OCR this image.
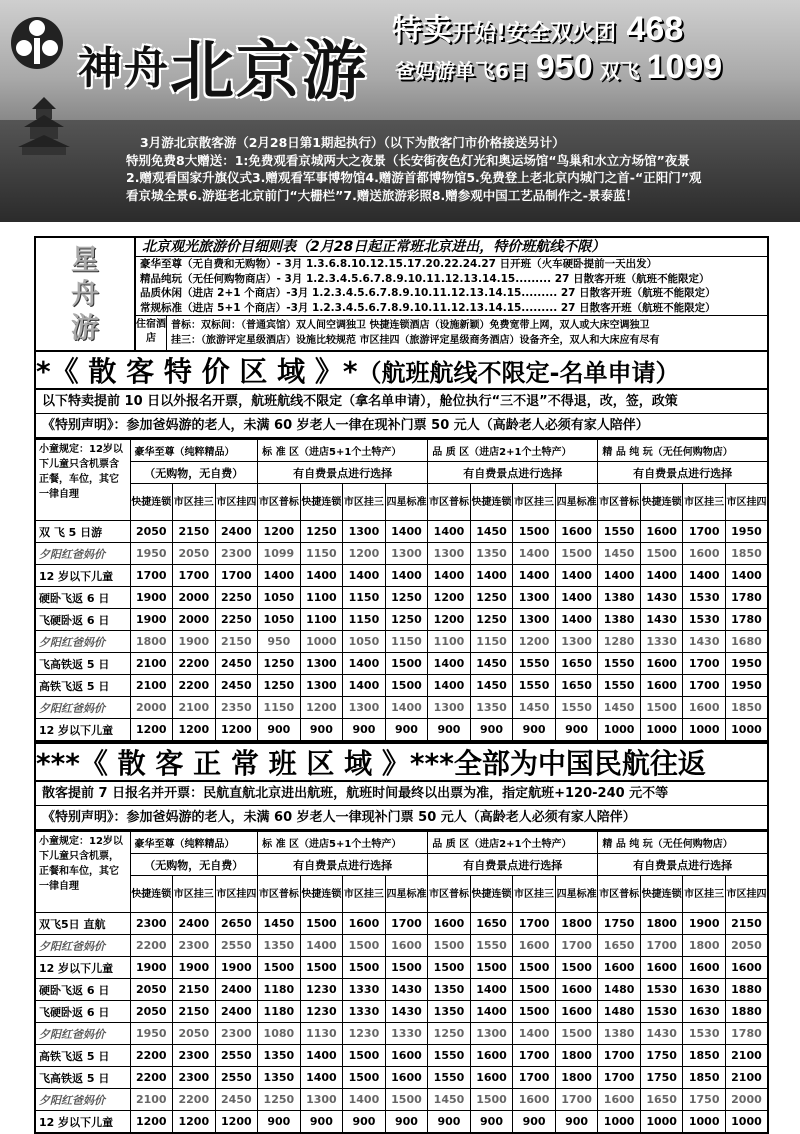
神舟北京游
特卖开始!安全双火团 468
爸妈游单飞6日 950 双飞 1099
3月游北京散客游（2月28日第1期起执行）（以下为散客门市价格接送另计）
特别免费8大赠送：1:免费观看京城两大之夜景（长安街夜色灯光和奥运场馆“鸟巢和水立方场馆”夜景
2.赠观看国家升旗仪式3.赠观看军事博物馆4.赠游首都博物馆5.免费登上老北京内城门之首-“正阳门”观
看京城全景6.游逛老北京前门“大栅栏”7.赠送旅游彩照8.赠参观中国工艺品制作之-景泰蓝！
星
舟
游
北京观光旅游价目细则表（2月28日起正常班北京进出，特价班航线不限）
豪华至尊（无自费和无购物）- 3月 1.3.6.8.10.12.15.17.20.22.24.27 日开班（火车硬卧提前一天出发）
精品纯玩（无任何购物商店）- 3月 1.2.3.4.5.6.7.8.9.10.11.12.13.14.15......... 27 日散客开班（航班不能限定）
品质休闲（进店 2+1 个商店）-3月 1.2.3.4.5.6.7.8.9.10.11.12.13.14.15......... 27 日散客开班（航班不能限定）
常规标准（进店 5+1 个商店）-3月 1.2.3.4.5.6.7.8.9.10.11.12.13.14.15......... 27 日散客开班（航班不能限定）
住宿酒店
普标：双标间：（普通宾馆）双人间空调独卫 快捷连锁酒店（设施新颖）免费宽带上网，双人或大床空调独卫
挂三：（旅游评定星级酒店）设施比较规范 市区挂四（旅游评定星级商务酒店）设备齐全，双人和大床应有尽有
*《 散 客 特 价 区 域 》* （航班航线不限定-名单申请）
以下特卖提前 10 日以外报名开票，航班航线不限定（拿名单申请），舱位执行“三不退”不得退，改，签，政策
《特别声明》：参加爸妈游的老人，未满 60 岁老人一律在现补门票 50 元人（高龄老人必须有家人陪伴）
小童规定：12岁以下儿童只含机票含正餐，车位，其它一律自理	豪华至尊（纯粹精品）			标 准 区（进店5+1个土特产）				品 质 区（进店2+1个土特产）				精 品 纯 玩（无任何购物店）			
	（无购物，无自费）			有自费景点进行选择				有自费景点进行选择				有自费景点进行选择			
	快捷连锁	市区挂三	市区挂四	市区普标	快捷连锁	市区挂三	四星标准	市区普标	快捷连锁	市区挂三	四星标准	市区普标	快捷连锁	市区挂三	市区挂四
双 飞 5 日游	2050	2150	2400	1200	1250	1300	1400	1400	1450	1500	1600	1550	1600	1700	1950
夕阳红爸妈价	1950	2050	2300	1099	1150	1200	1300	1300	1350	1400	1500	1450	1500	1600	1850
12 岁以下儿童	1700	1700	1700	1400	1400	1400	1400	1400	1400	1400	1400	1400	1400	1400	1400
硬卧飞返 6 日	1900	2000	2250	1050	1100	1150	1250	1200	1250	1300	1400	1380	1430	1530	1780
飞硬卧返 6 日	1900	2000	2250	1050	1100	1150	1250	1200	1250	1300	1400	1380	1430	1530	1780
夕阳红爸妈价	1800	1900	2150	950	1000	1050	1150	1100	1150	1200	1300	1280	1330	1430	1680
飞高铁返 5 日	2100	2200	2450	1250	1300	1400	1500	1400	1450	1550	1650	1550	1600	1700	1950
高铁飞返 5 日	2100	2200	2450	1250	1300	1400	1500	1400	1450	1550	1650	1550	1600	1700	1950
夕阳红爸妈价	2000	2100	2350	1150	1200	1300	1400	1300	1350	1450	1550	1450	1500	1600	1850
12 岁以下儿童	1200	1200	1200	900	900	900	900	900	900	900	900	1000	1000	1000	1000
***《 散 客 正 常 班 区 域 》*** 全部为中国民航往返
散客提前 7 日报名并开票：民航直航北京进出航班，航班时间最终以出票为准，指定航班+120-240 元不等
《特别声明》：参加爸妈游的老人，未满 60 岁老人一律现补门票 50 元人（高龄老人必须有家人陪伴）
小童规定：12岁以下儿童只含机票，正餐和车位，其它一律自理	豪华至尊（纯粹精品）			标 准 区（进店5+1个土特产）				品 质 区（进店2+1个土特产）				精 品 纯 玩（无任何购物店）			
	（无购物，无自费）			有自费景点进行选择				有自费景点进行选择				有自费景点进行选择			
	快捷连锁	市区挂三	市区挂四	市区普标	快捷连锁	市区挂三	四星标准	市区普标	快捷连锁	市区挂三	四星标准	市区普标	快捷连锁	市区挂三	市区挂四
双飞5日 直航	2300	2400	2650	1450	1500	1600	1700	1600	1650	1700	1800	1750	1800	1900	2150
夕阳红爸妈价	2200	2300	2550	1350	1400	1500	1600	1500	1550	1600	1700	1650	1700	1800	2050
12 岁以下儿童	1900	1900	1900	1500	1500	1500	1500	1500	1500	1500	1500	1600	1600	1600	1600
硬卧飞返 6 日	2050	2150	2400	1180	1230	1330	1430	1350	1400	1500	1600	1480	1530	1630	1880
飞硬卧返 6 日	2050	2150	2400	1180	1230	1330	1430	1350	1400	1500	1600	1480	1530	1630	1880
夕阳红爸妈价	1950	2050	2300	1080	1130	1230	1330	1250	1300	1400	1500	1380	1430	1530	1780
高铁飞返 5 日	2200	2300	2550	1350	1400	1500	1600	1550	1600	1700	1800	1700	1750	1850	2100
飞高铁返 5 日	2200	2300	2550	1350	1400	1500	1600	1550	1600	1700	1800	1700	1750	1850	2100
夕阳红爸妈价	2100	2200	2450	1250	1300	1400	1500	1450	1500	1600	1700	1600	1650	1750	2000
12 岁以下儿童	1200	1200	1200	900	900	900	900	900	900	900	900	1000	1000	1000	1000
